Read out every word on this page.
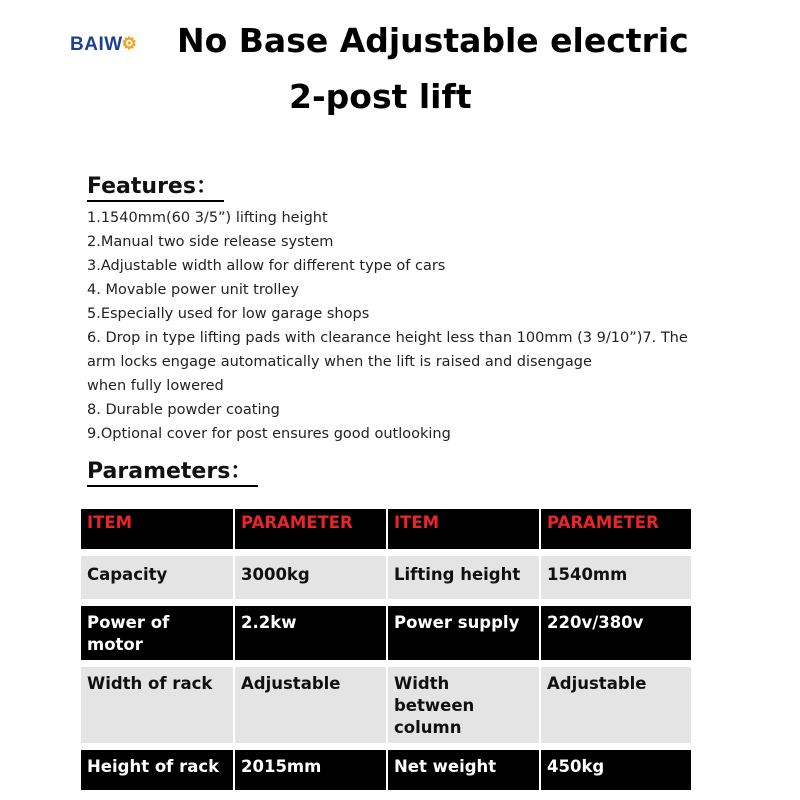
BAIW ⚙ No Base Adjustable electric
2-post lift
Features：
1.1540mm(60 3/5”) lifting height
2.Manual two side release system
3.Adjustable width allow for different type of cars
4. Movable power unit trolley
5.Especially used for low garage shops
6. Drop in type lifting pads with clearance height less than 100mm (3 9/10”)7. The
arm locks engage automatically when the lift is raised and disengage
when fully lowered
8. Durable powder coating
9.Optional cover for post ensures good outlooking
Parameters：
ITEM	PARAMETER	ITEM	PARAMETER
Capacity	3000kg	Lifting height	1540mm
Power of motor	2.2kw	Power supply	220v/380v
Width of rack	Adjustable	Width between column	Adjustable
Height of rack	2015mm	Net weight	450kg
